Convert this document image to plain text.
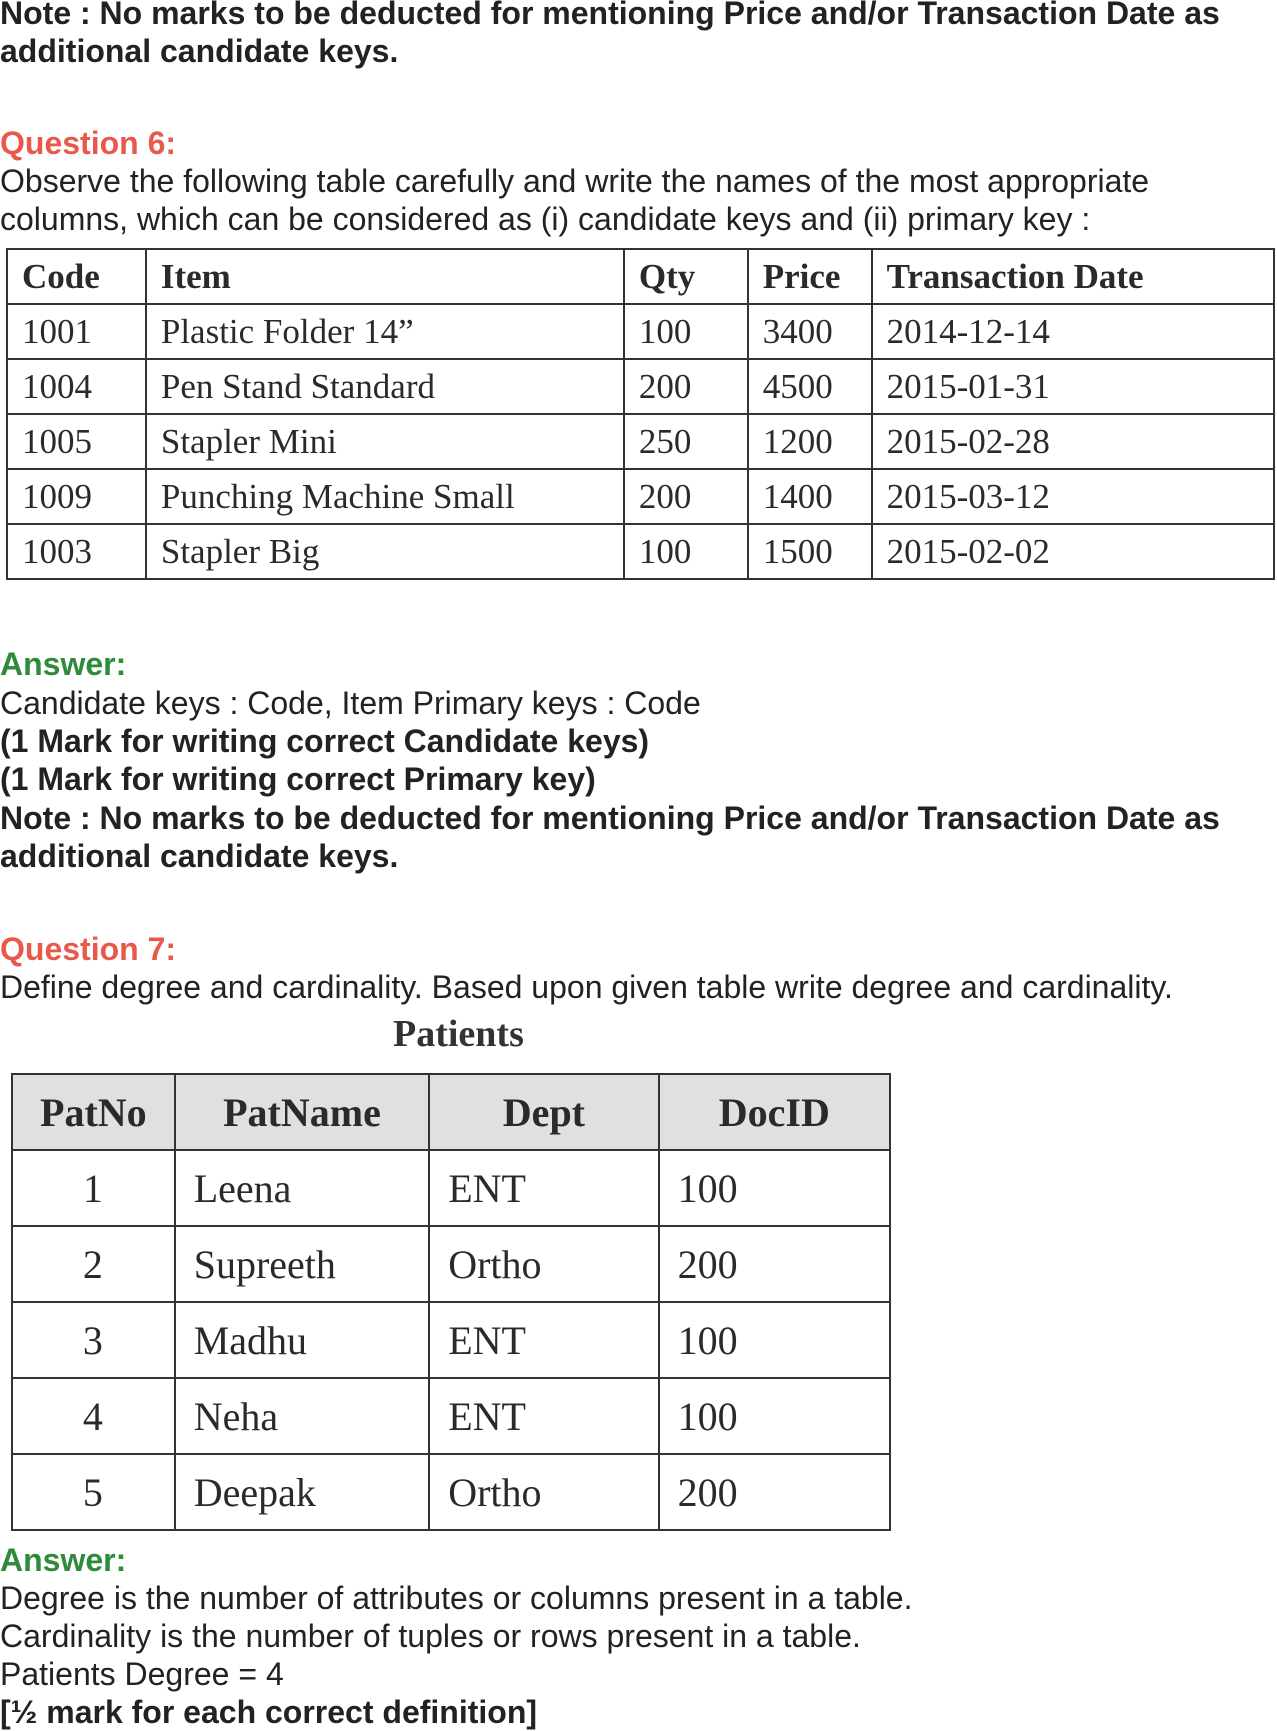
Note : No marks to be deducted for mentioning Price and/or Transaction Date as
additional candidate keys.
Question 6:
Observe the following table carefully and write the names of the most appropriate
columns, which can be considered as (i) candidate keys and (ii) primary key :
Code	Item	Qty	Price	Transaction Date
1001	Plastic Folder 14”	100	3400	2014-12-14
1004	Pen Stand Standard	200	4500	2015-01-31
1005	Stapler Mini	250	1200	2015-02-28
1009	Punching Machine Small	200	1400	2015-03-12
1003	Stapler Big	100	1500	2015-02-02
Answer:
Candidate keys : Code, Item Primary keys : Code
(1 Mark for writing correct Candidate keys)
(1 Mark for writing correct Primary key)
Note : No marks to be deducted for mentioning Price and/or Transaction Date as
additional candidate keys.
Question 7:
Define degree and cardinality. Based upon given table write degree and cardinality.
Patients
PatNo	PatName	Dept	DocID
1	Leena	ENT	100
2	Supreeth	Ortho	200
3	Madhu	ENT	100
4	Neha	ENT	100
5	Deepak	Ortho	200
Answer:
Degree is the number of attributes or columns present in a table.
Cardinality is the number of tuples or rows present in a table.
Patients Degree = 4
[½ mark for each correct definition]
